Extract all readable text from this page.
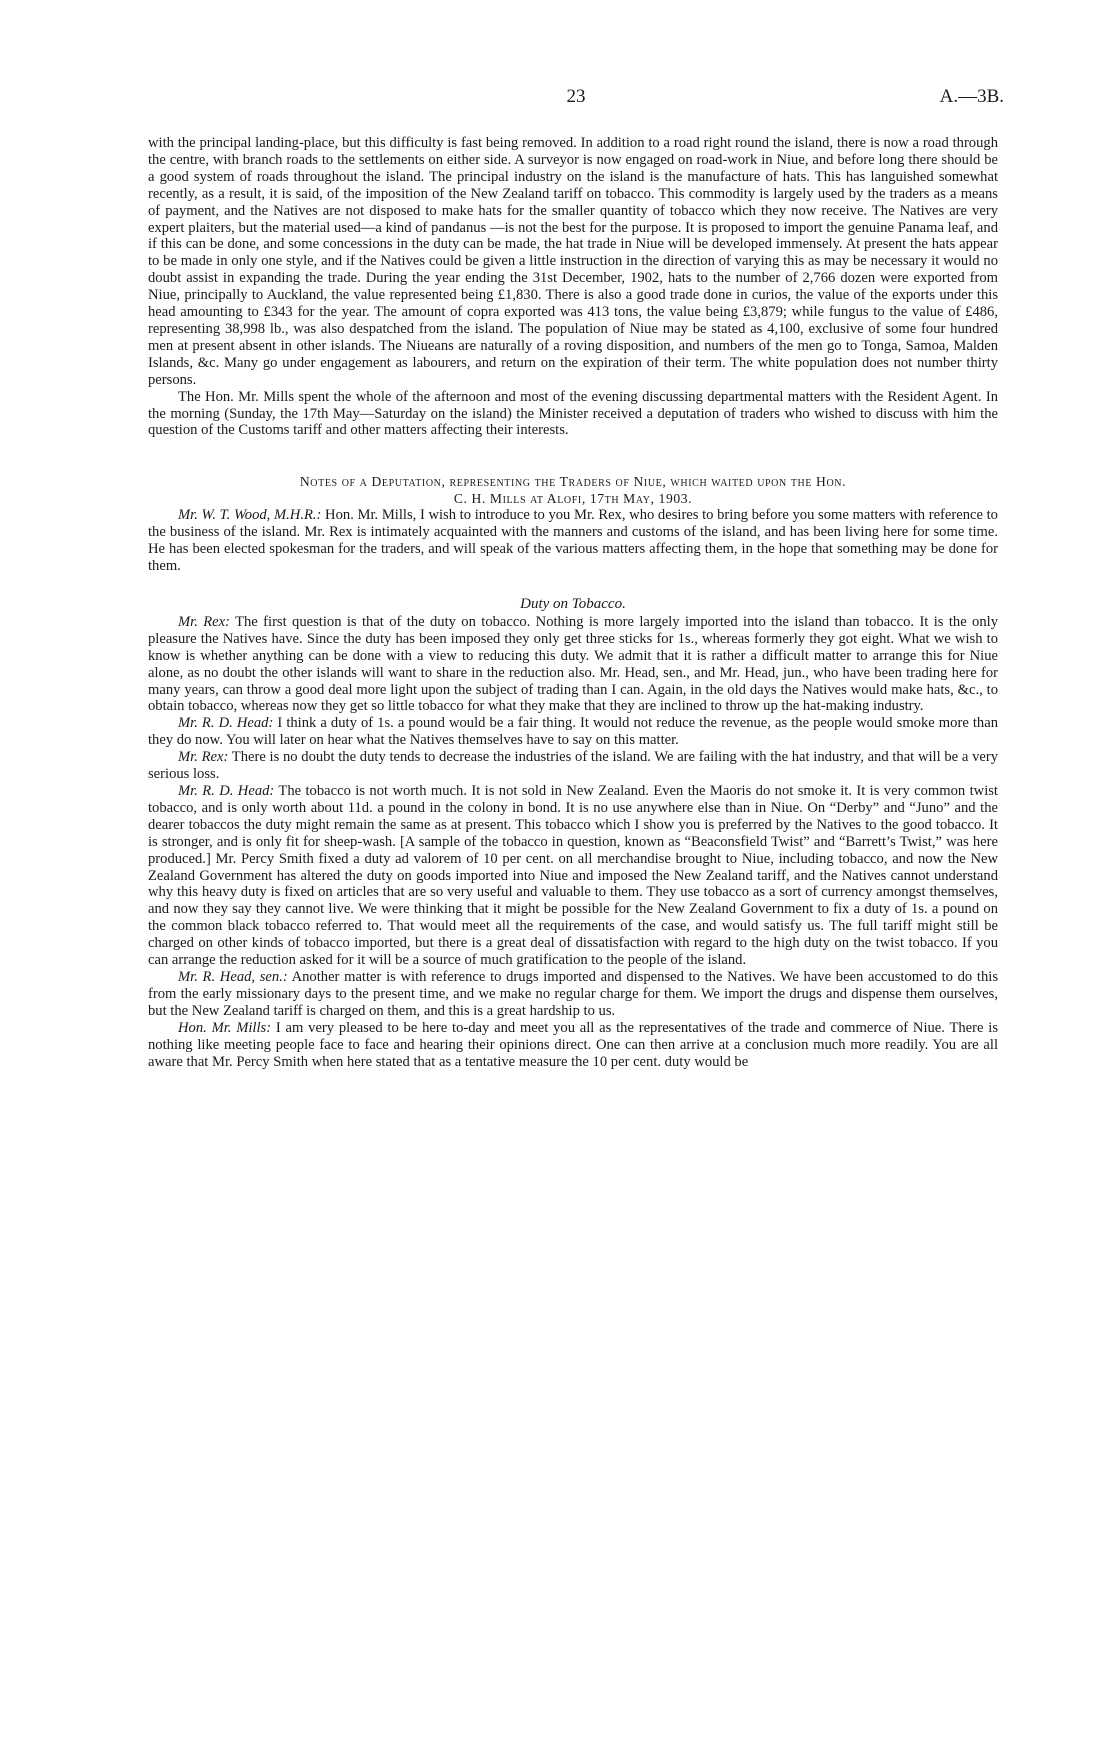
23	A.—3B.

with the principal landing-place, but this difficulty is fast being removed. In addition to a road right round the island, there is now a road through the centre, with branch roads to the settlements on either side. A surveyor is now engaged on road-work in Niue, and before long there should be a good system of roads throughout the island. The principal industry on the island is the manufacture of hats. This has languished somewhat recently, as a result, it is said, of the imposition of the New Zealand tariff on tobacco. This commodity is largely used by the traders as a means of payment, and the Natives are not disposed to make hats for the smaller quantity of tobacco which they now receive. The Natives are very expert plaiters, but the material used—a kind of pandanus —is not the best for the purpose. It is proposed to import the genuine Panama leaf, and if this can be done, and some concessions in the duty can be made, the hat trade in Niue will be developed immensely. At present the hats appear to be made in only one style, and if the Natives could be given a little instruction in the direction of varying this as may be necessary it would no doubt assist in expanding the trade. During the year ending the 31st December, 1902, hats to the number of 2,766 dozen were exported from Niue, principally to Auckland, the value represented being £1,830. There is also a good trade done in curios, the value of the exports under this head amounting to £343 for the year. The amount of copra exported was 413 tons, the value being £3,879; while fungus to the value of £486, representing 38,998 lb., was also despatched from the island. The population of Niue may be stated as 4,100, exclusive of some four hundred men at present absent in other islands. The Niueans are naturally of a roving disposition, and numbers of the men go to Tonga, Samoa, Malden Islands, &c. Many go under engagement as labourers, and return on the expiration of their term. The white population does not number thirty persons.

The Hon. Mr. Mills spent the whole of the afternoon and most of the evening discussing departmental matters with the Resident Agent. In the morning (Sunday, the 17th May—Saturday on the island) the Minister received a deputation of traders who wished to discuss with him the question of the Customs tariff and other matters affecting their interests.

Notes of a Deputation, representing the Traders of Niue, which waited upon the Hon.
C. H. Mills at Alofi, 17th May, 1903.

Mr. W. T. Wood, M.H.R.: Hon. Mr. Mills, I wish to introduce to you Mr. Rex, who desires to bring before you some matters with reference to the business of the island. Mr. Rex is intimately acquainted with the manners and customs of the island, and has been living here for some time. He has been elected spokesman for the traders, and will speak of the various matters affecting them, in the hope that something may be done for them.

Duty on Tobacco.

Mr. Rex: The first question is that of the duty on tobacco. Nothing is more largely imported into the island than tobacco. It is the only pleasure the Natives have. Since the duty has been imposed they only get three sticks for 1s., whereas formerly they got eight. What we wish to know is whether anything can be done with a view to reducing this duty. We admit that it is rather a difficult matter to arrange this for Niue alone, as no doubt the other islands will want to share in the reduction also. Mr. Head, sen., and Mr. Head, jun., who have been trading here for many years, can throw a good deal more light upon the subject of trading than I can. Again, in the old days the Natives would make hats, &c., to obtain tobacco, whereas now they get so little tobacco for what they make that they are inclined to throw up the hat-making industry.

Mr. R. D. Head: I think a duty of 1s. a pound would be a fair thing. It would not reduce the revenue, as the people would smoke more than they do now. You will later on hear what the Natives themselves have to say on this matter.

Mr. Rex: There is no doubt the duty tends to decrease the industries of the island. We are failing with the hat industry, and that will be a very serious loss.

Mr. R. D. Head: The tobacco is not worth much. It is not sold in New Zealand. Even the Maoris do not smoke it. It is very common twist tobacco, and is only worth about 11d. a pound in the colony in bond. It is no use anywhere else than in Niue. On “Derby” and “Juno” and the dearer tobaccos the duty might remain the same as at present. This tobacco which I show you is preferred by the Natives to the good tobacco. It is stronger, and is only fit for sheep-wash. [A sample of the tobacco in question, known as “Beaconsfield Twist” and “Barrett’s Twist,” was here produced.] Mr. Percy Smith fixed a duty ad valorem of 10 per cent. on all merchandise brought to Niue, including tobacco, and now the New Zealand Government has altered the duty on goods imported into Niue and imposed the New Zealand tariff, and the Natives cannot understand why this heavy duty is fixed on articles that are so very useful and valuable to them. They use tobacco as a sort of currency amongst themselves, and now they say they cannot live. We were thinking that it might be possible for the New Zealand Government to fix a duty of 1s. a pound on the common black tobacco referred to. That would meet all the requirements of the case, and would satisfy us. The full tariff might still be charged on other kinds of tobacco imported, but there is a great deal of dissatisfaction with regard to the high duty on the twist tobacco. If you can arrange the reduction asked for it will be a source of much gratification to the people of the island.

Mr. R. Head, sen.: Another matter is with reference to drugs imported and dispensed to the Natives. We have been accustomed to do this from the early missionary days to the present time, and we make no regular charge for them. We import the drugs and dispense them ourselves, but the New Zealand tariff is charged on them, and this is a great hardship to us.

Hon. Mr. Mills: I am very pleased to be here to-day and meet you all as the representatives of the trade and commerce of Niue. There is nothing like meeting people face to face and hearing their opinions direct. One can then arrive at a conclusion much more readily. You are all aware that Mr. Percy Smith when here stated that as a tentative measure the 10 per cent. duty would be
